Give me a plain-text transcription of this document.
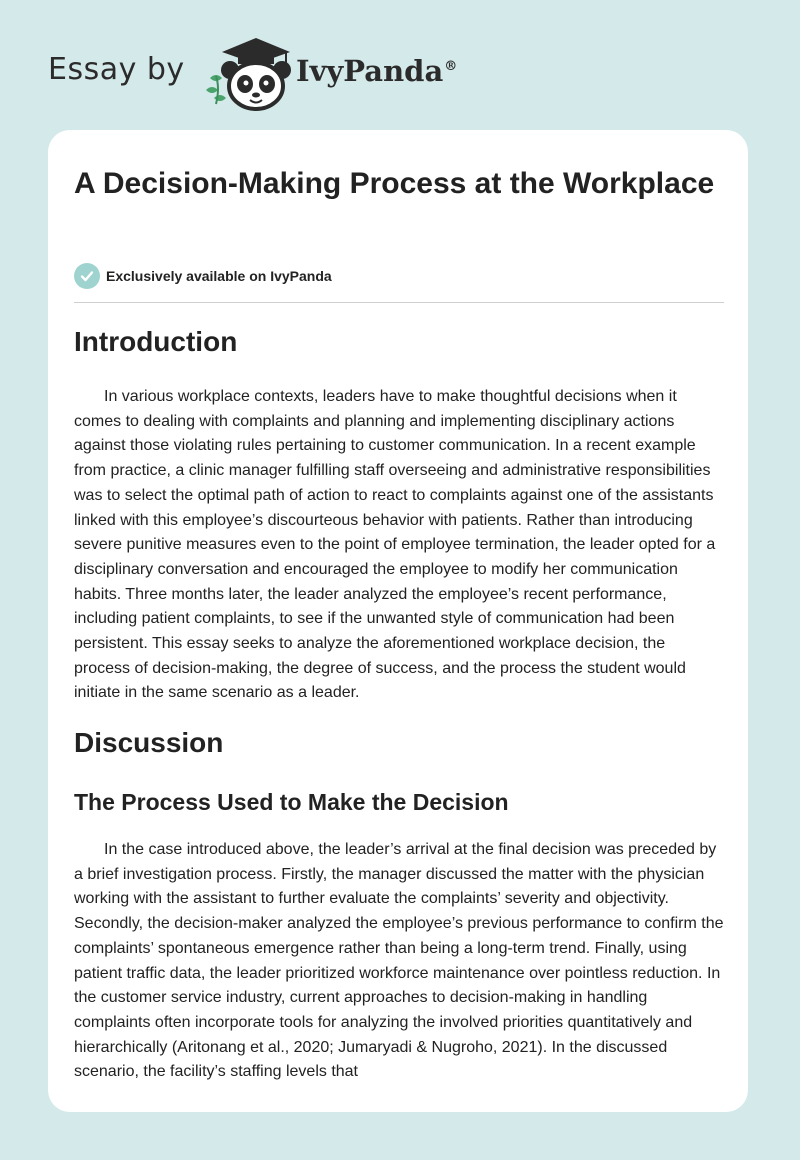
Essay by	IvyPanda®
A Decision-Making Process at the Workplace
Exclusively available on IvyPanda
Introduction

In various workplace contexts, leaders have to make thoughtful decisions when it comes to dealing with complaints and planning and implementing disciplinary actions against those violating rules pertaining to customer communication. In a recent example from practice, a clinic manager fulfilling staff overseeing and administrative responsibilities was to select the optimal path of action to react to complaints against one of the assistants linked with this employee’s discourteous behavior with patients. Rather than introducing severe punitive measures even to the point of employee termination, the leader opted for a disciplinary conversation and encouraged the employee to modify her communication habits. Three months later, the leader analyzed the employee’s recent performance, including patient complaints, to see if the unwanted style of communication had been persistent. This essay seeks to analyze the aforementioned workplace decision, the process of decision-making, the degree of success, and the process the student would initiate in the same scenario as a leader.

Discussion
The Process Used to Make the Decision

In the case introduced above, the leader’s arrival at the final decision was preceded by a brief investigation process. Firstly, the manager discussed the matter with the physician working with the assistant to further evaluate the complaints’ severity and objectivity. Secondly, the decision-maker analyzed the employee’s previous performance to confirm the complaints’ spontaneous emergence rather than being a long-term trend. Finally, using patient traffic data, the leader prioritized workforce maintenance over pointless reduction. In the customer service industry, current approaches to decision-making in handling complaints often incorporate tools for analyzing the involved priorities quantitatively and hierarchically (Aritonang et al., 2020; Jumaryadi & Nugroho, 2021). In the discussed scenario, the facility’s staffing levels that
